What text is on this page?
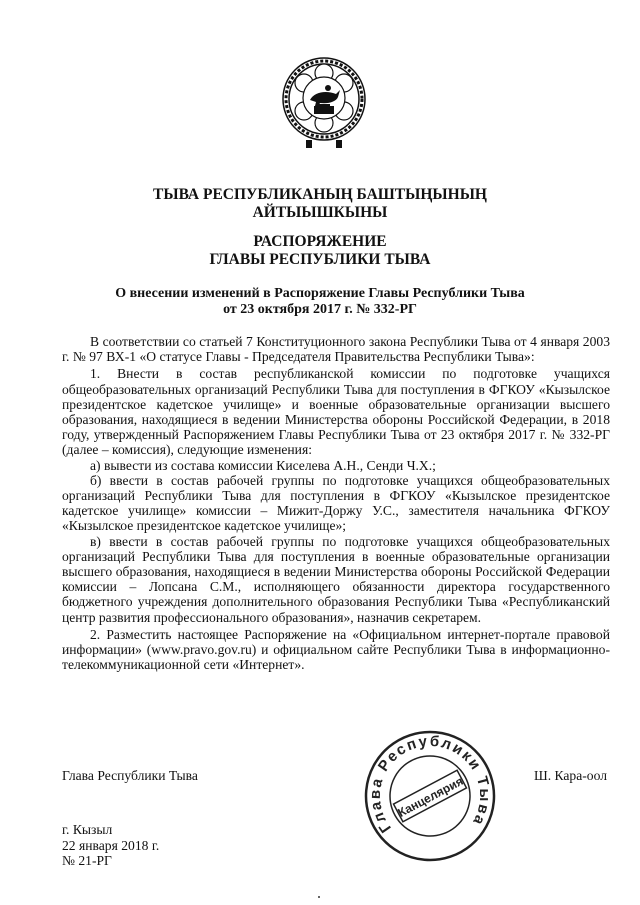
ТЫВА РЕСПУБЛИКАНЫҢ БАШТЫҢЫНЫҢ
АЙТЫЫШКЫНЫ
РАСПОРЯЖЕНИЕ
ГЛАВЫ РЕСПУБЛИКИ ТЫВА
О внесении изменений в Распоряжение Главы Республики Тыва
от 23 октября 2017 г. № 332-РГ

В соответствии со статьей 7 Конституционного закона Республики Тыва от 4 января 2003 г. № 97 ВХ-1 «О статусе Главы - Председателя Правительства Республики Тыва»:

1. Внести в состав республиканской комиссии по подготовке учащихся общеобразовательных организаций Республики Тыва для поступления в ФГКОУ «Кызылское президентское кадетское училище» и военные образовательные организации высшего образования, находящиеся в ведении Министерства обороны Российской Федерации, в 2018 году, утвержденный Распоряжением Главы Республики Тыва от 23 октября 2017 г. № 332-РГ (далее – комиссия), следующие изменения:

а) вывести из состава комиссии Киселева А.Н., Сенди Ч.Х.;

б) ввести в состав рабочей группы по подготовке учащихся общеобразовательных организаций Республики Тыва для поступления в ФГКОУ «Кызылское президентское кадетское училище» комиссии – Мижит-Доржу У.С., заместителя начальника ФГКОУ «Кызылское президентское кадетское училище»;

в) ввести в состав рабочей группы по подготовке учащихся общеобразовательных организаций Республики Тыва для поступления в военные образовательные организации высшего образования, находящиеся в ведении Министерства обороны Российской Федерации комиссии – Лопсана С.М., исполняющего обязанности директора государственного бюджетного учреждения дополнительного образования Республики Тыва «Республиканский центр развития профессионального образования», назначив секретарем.

2. Разместить настоящее Распоряжение на «Официальном интернет-портале правовой информации» (www.pravo.gov.ru) и официальном сайте Республики Тыва в информационно-телекоммуникационной сети «Интернет».

Глава Республики Тыва
Канцелярия
Глава Республики Тыва	Ш. Кара-оол
г. Кызыл
22 января 2018 г.
№ 21-РГ
